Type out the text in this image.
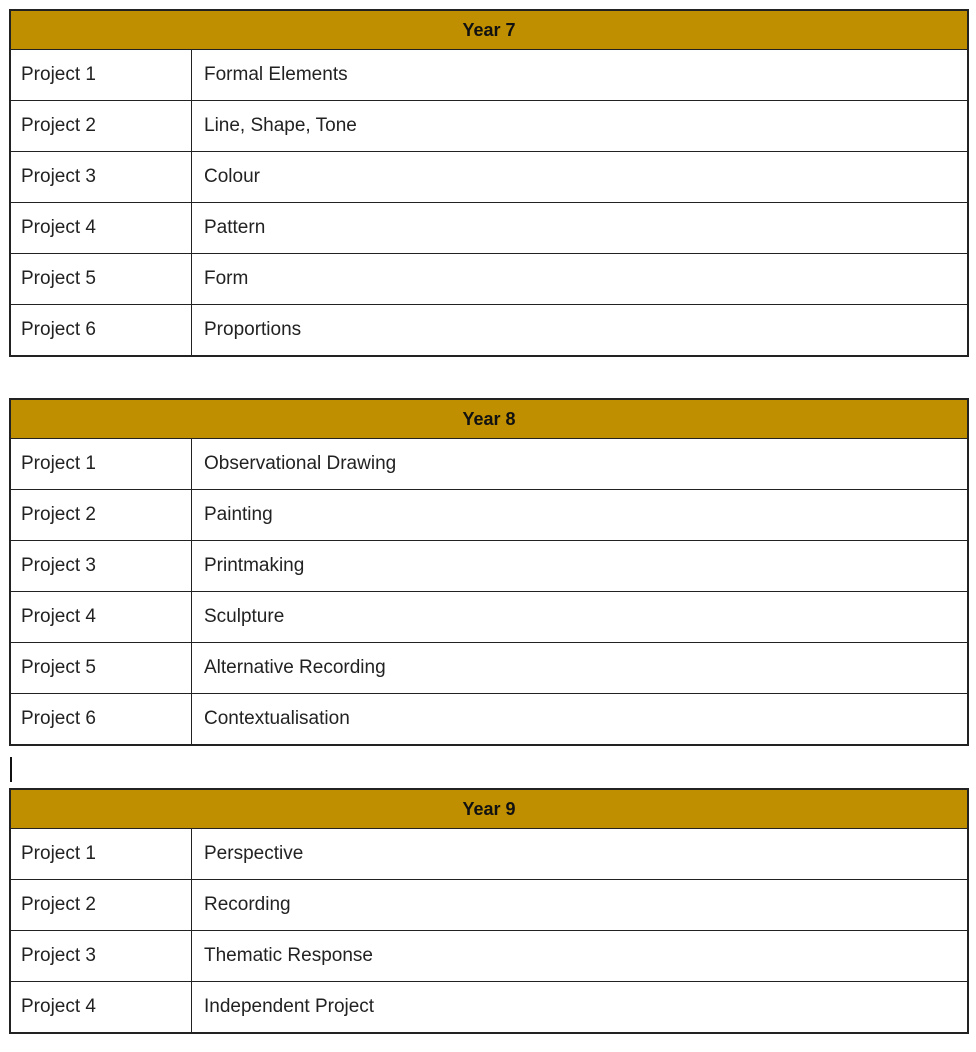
Year 7
Project 1	Formal Elements
Project 2	Line, Shape, Tone
Project 3	Colour
Project 4	Pattern
Project 5	Form
Project 6	Proportions
Year 8
Project 1	Observational Drawing
Project 2	Painting
Project 3	Printmaking
Project 4	Sculpture
Project 5	Alternative Recording
Project 6	Contextualisation
Year 9
Project 1	Perspective
Project 2	Recording
Project 3	Thematic Response
Project 4	Independent Project
